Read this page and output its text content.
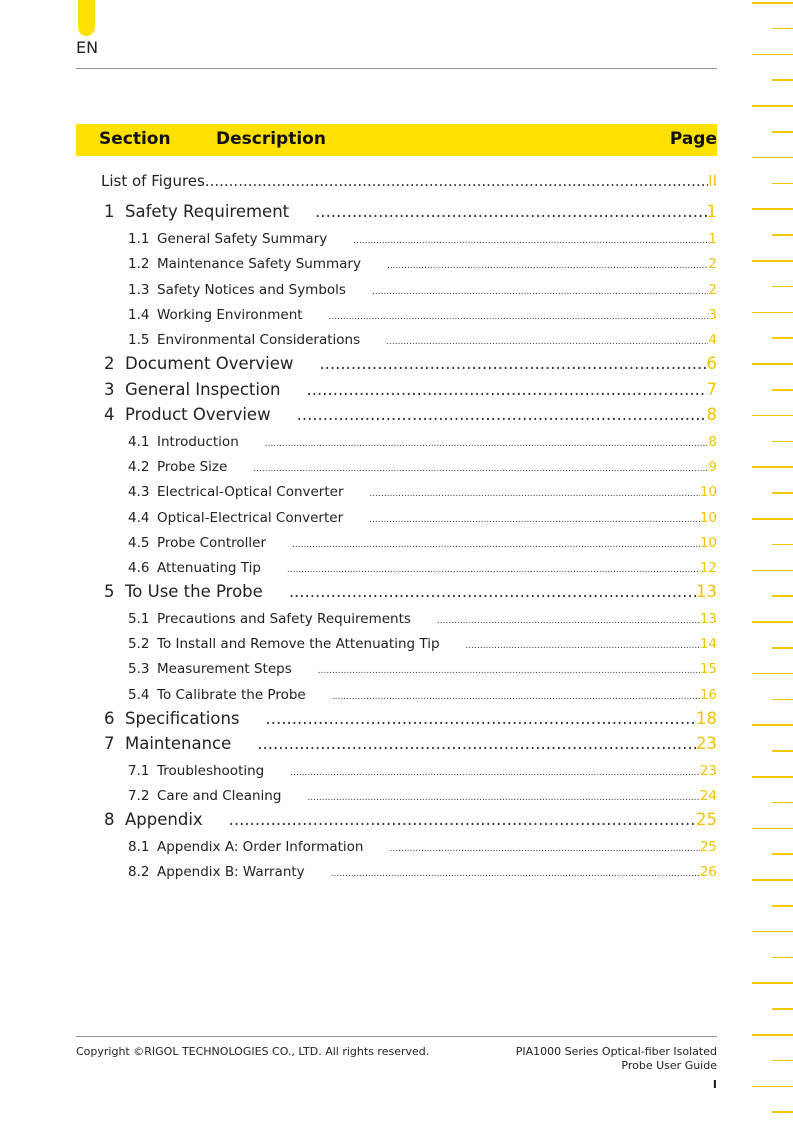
EN
Section	Description	Page
List of Figures .....	II
1 Safety Requirement .....	1
1.1 General Safety Summary .....	1
1.2 Maintenance Safety Summary .....	2
1.3 Safety Notices and Symbols .....	2
1.4 Working Environment .....	3
1.5 Environmental Considerations .....	4
2 Document Overview .....	6
3 General Inspection .....	7
4 Product Overview .....	8
4.1 Introduction .....	8
4.2 Probe Size .....	9
4.3 Electrical-Optical Converter .....	10
4.4 Optical-Electrical Converter .....	10
4.5 Probe Controller .....	10
4.6 Attenuating Tip .....	12
5 To Use the Probe .....	13
5.1 Precautions and Safety Requirements .....	13
5.2 To Install and Remove the Attenuating Tip .....	14
5.3 Measurement Steps .....	15
5.4 To Calibrate the Probe .....	16
6 Specifications .....	18
7 Maintenance .....	23
7.1 Troubleshooting .....	23
7.2 Care and Cleaning .....	24
8 Appendix .....	25
8.1 Appendix A: Order Information .....	25
8.2 Appendix B: Warranty .....	26
Copyright ©RIGOL TECHNOLOGIES CO., LTD. All rights reserved.	PIA1000 Series Optical-fiber Isolated
Probe User Guide
I
